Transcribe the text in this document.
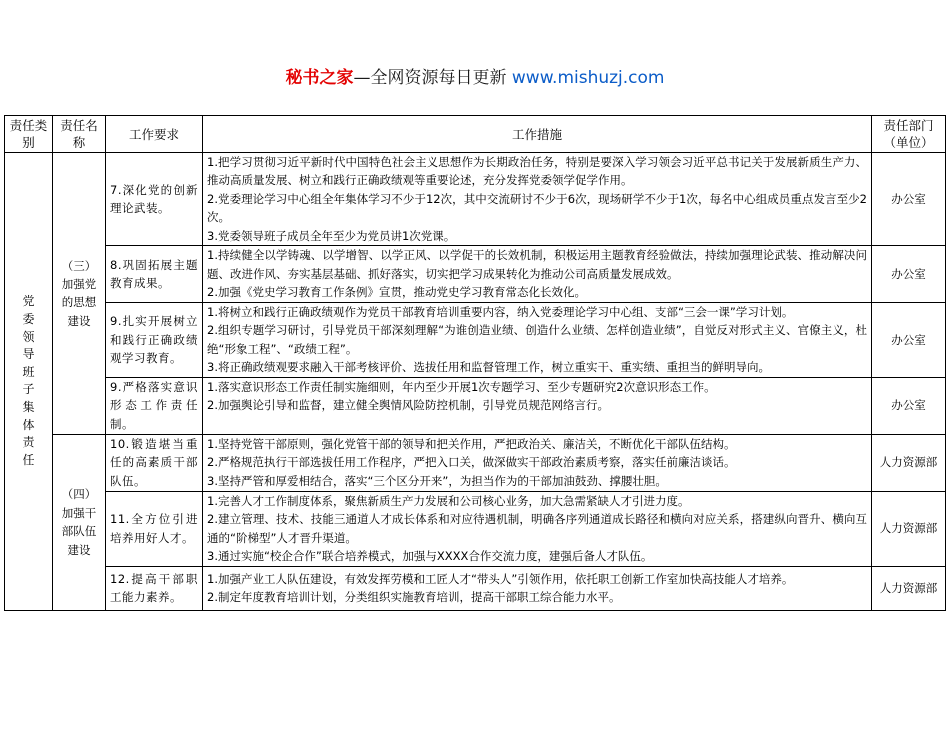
秘书之家—全网资源每日更新 www.mishuzj.com
责任类别	责任名称	工作要求	工作措施	责任部门（单位）

党委领导班子集体责任	（三）加强党的思想建设	7.深化党的创新理论武装。	1.把学习贯彻习近平新时代中国特色社会主义思想作为长期政治任务，特别是要深入学习领会习近平总书记关于发展新质生产力、推动高质量发展、树立和践行正确政绩观等重要论述，充分发挥党委领学促学作用。
2.党委理论学习中心组全年集体学习不少于12次，其中交流研讨不少于6次，现场研学不少于1次，每名中心组成员重点发言至少2次。
3.党委领导班子成员全年至少为党员讲1次党课。	办公室
		8.巩固拓展主题教育成果。	1.持续健全以学铸魂、以学增智、以学正风、以学促干的长效机制，积极运用主题教育经验做法，持续加强理论武装、推动解决问题、改进作风、夯实基层基础、抓好落实，切实把学习成果转化为推动公司高质量发展成效。
2.加强《党史学习教育工作条例》宣贯，推动党史学习教育常态化长效化。	办公室
		9.扎实开展树立和践行正确政绩观学习教育。	1.将树立和践行正确政绩观作为党员干部教育培训重要内容，纳入党委理论学习中心组、支部“三会一课”学习计划。
2.组织专题学习研讨，引导党员干部深刻理解“为谁创造业绩、创造什么业绩、怎样创造业绩”，自觉反对形式主义、官僚主义，杜绝“形象工程”、“政绩工程”。
3.将正确政绩观要求融入干部考核评价、选拔任用和监督管理工作，树立重实干、重实绩、重担当的鲜明导向。	办公室
		9.严格落实意识形态工作责任制。	1.落实意识形态工作责任制实施细则，年内至少开展1次专题学习、至少专题研究2次意识形态工作。
2.加强舆论引导和监督，建立健全舆情风险防控机制，引导党员规范网络言行。	办公室
	（四）加强干部队伍建设	10.锻造堪当重任的高素质干部队伍。	1.坚持党管干部原则，强化党管干部的领导和把关作用，严把政治关、廉洁关，不断优化干部队伍结构。
2.严格规范执行干部选拔任用工作程序，严把入口关，做深做实干部政治素质考察，落实任前廉洁谈话。
3.坚持严管和厚爱相结合，落实“三个区分开来”，为担当作为的干部加油鼓劲、撑腰壮胆。	人力资源部
		11.全方位引进培养用好人才。	1.完善人才工作制度体系，聚焦新质生产力发展和公司核心业务，加大急需紧缺人才引进力度。
2.建立管理、技术、技能三通道人才成长体系和对应待遇机制，明确各序列通道成长路径和横向对应关系，搭建纵向晋升、横向互通的“阶梯型”人才晋升渠道。
3.通过实施“校企合作”联合培养模式，加强与XXXX合作交流力度，建强后备人才队伍。	人力资源部
		12.提高干部职工能力素养。	1.加强产业工人队伍建设，有效发挥劳模和工匠人才“带头人”引领作用，依托职工创新工作室加快高技能人才培养。
2.制定年度教育培训计划，分类组织实施教育培训，提高干部职工综合能力水平。	人力资源部
